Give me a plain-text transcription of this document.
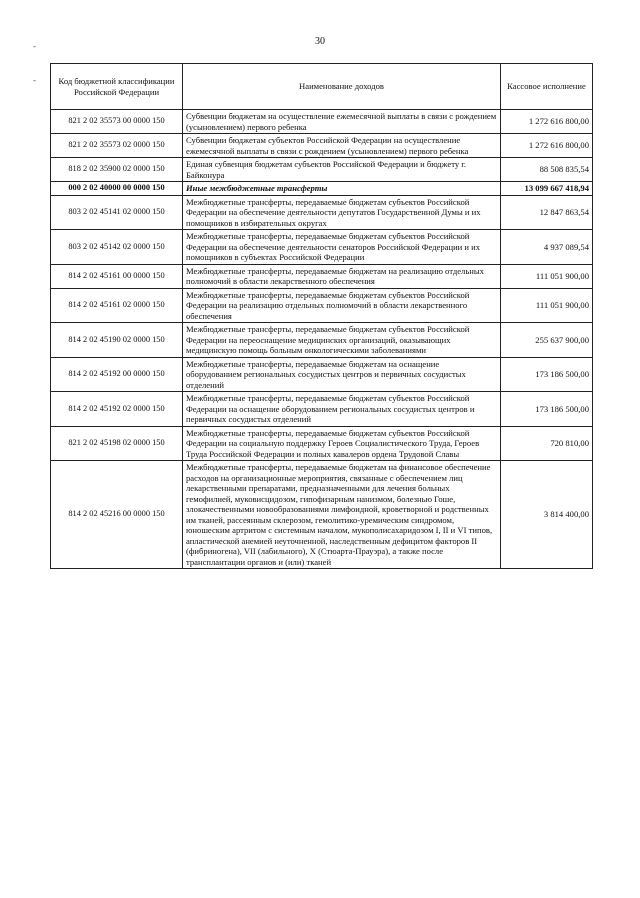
30
-
-	Код бюджетной классификации Российской Федерации	Наименование доходов	Кассовое исполнение
821 2 02 35573 00 0000 150	Субвенции бюджетам на осуществление ежемесячной выплаты в связи с рождением (усыновлением) первого ребенка	1 272 616 800,00
821 2 02 35573 02 0000 150	Субвенции бюджетам субъектов Российской Федерации на осуществление ежемесячной выплаты в связи с рождением (усыновлением) первого ребенка	1 272 616 800,00
818 2 02 35900 02 0000 150	Единая субвенция бюджетам субъектов Российской Федерации и бюджету г. Байконура	88 508 835,54
000 2 02 40000 00 0000 150	Иные межбюджетные трансферты	13 099 667 418,94
803 2 02 45141 02 0000 150	Межбюджетные трансферты, передаваемые бюджетам субъектов Российской Федерации на обеспечение деятельности депутатов Государственной Думы и их помощников в избирательных округах	12 847 863,54
803 2 02 45142 02 0000 150	Межбюджетные трансферты, передаваемые бюджетам субъектов Российской Федерации на обеспечение деятельности сенаторов Российской Федерации и их помощников в субъектах Российской Федерации	4 937 089,54
814 2 02 45161 00 0000 150	Межбюджетные трансферты, передаваемые бюджетам на реализацию отдельных полномочий в области лекарственного обеспечения	111 051 900,00
814 2 02 45161 02 0000 150	Межбюджетные трансферты, передаваемые бюджетам субъектов Российской Федерации на реализацию отдельных полномочий в области лекарственного обеспечения	111 051 900,00
814 2 02 45190 02 0000 150	Межбюджетные трансферты, передаваемые бюджетам субъектов Российской Федерации на переоснащение медицинских организаций, оказывающих медицинскую помощь больным онкологическими заболеваниями	255 637 900,00
814 2 02 45192 00 0000 150	Межбюджетные трансферты, передаваемые бюджетам на оснащение оборудованием региональных сосудистых центров и первичных сосудистых отделений	173 186 500,00
814 2 02 45192 02 0000 150	Межбюджетные трансферты, передаваемые бюджетам субъектов Российской Федерации на оснащение оборудованием региональных сосудистых центров и первичных сосудистых отделений	173 186 500,00
821 2 02 45198 02 0000 150	Межбюджетные трансферты, передаваемые бюджетам субъектов Российской Федерации на социальную поддержку Героев Социалистического Труда, Героев Труда Российской Федерации и полных кавалеров ордена Трудовой Славы	720 810,00
814 2 02 45216 00 0000 150	Межбюджетные трансферты, передаваемые бюджетам на финансовое обеспечение расходов на организационные мероприятия, связанные с обеспечением лиц лекарственными препаратами, предназначенными для лечения больных гемофилией, муковисцидозом, гипофизарным нанизмом, болезнью Гоше, злокачественными новообразованиями лимфоидной, кроветворной и родственных им тканей, рассеянным склерозом, гемолитико-уремическим синдромом, юношеским артритом с системным началом, мукополисахаридозом I, II и VI типов, апластической анемией неуточненной, наследственным дефицитом факторов II (фибриногена), VII (лабильного), X (Стюарта-Прауэра), а также после трансплантации органов и (или) тканей	3 814 400,00
